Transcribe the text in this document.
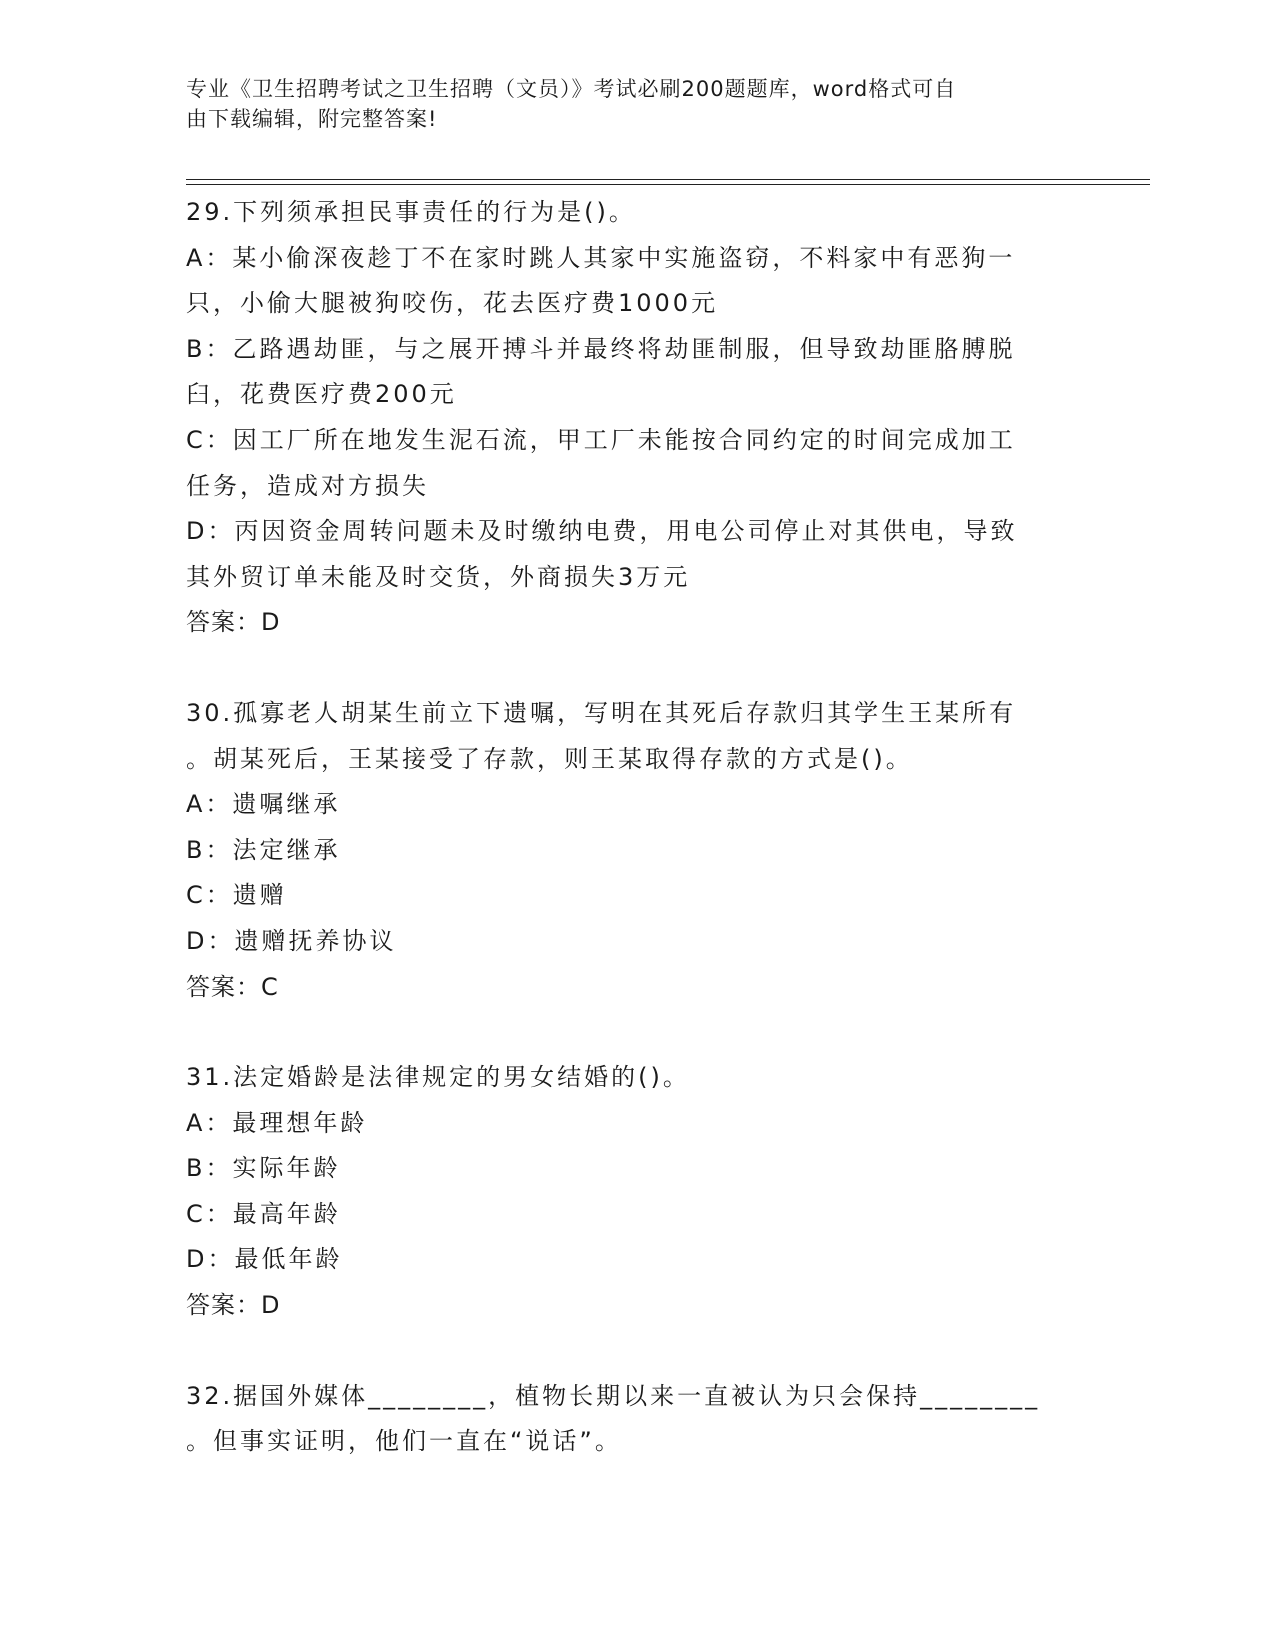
专业《卫生招聘考试之卫生招聘（文员）》考试必刷200题题库，word格式可自
由下载编辑，附完整答案!
29.下列须承担民事责任的行为是()。
A：某小偷深夜趁丁不在家时跳人其家中实施盗窃，不料家中有恶狗一
只，小偷大腿被狗咬伤，花去医疗费1000元
B：乙路遇劫匪，与之展开搏斗并最终将劫匪制服，但导致劫匪胳膊脱
臼，花费医疗费200元
C：因工厂所在地发生泥石流，甲工厂未能按合同约定的时间完成加工
任务，造成对方损失
D：丙因资金周转问题未及时缴纳电费，用电公司停止对其供电，导致
其外贸订单未能及时交货，外商损失3万元
答案：D
30.孤寡老人胡某生前立下遗嘱，写明在其死后存款归其学生王某所有
。胡某死后，王某接受了存款，则王某取得存款的方式是()。
A：遗嘱继承
B：法定继承
C：遗赠
D：遗赠抚养协议
答案：C
31.法定婚龄是法律规定的男女结婚的()。
A：最理想年龄
B：实际年龄
C：最高年龄
D：最低年龄
答案：D
32.据国外媒体________，植物长期以来一直被认为只会保持________
。但事实证明，他们一直在“说话”。
